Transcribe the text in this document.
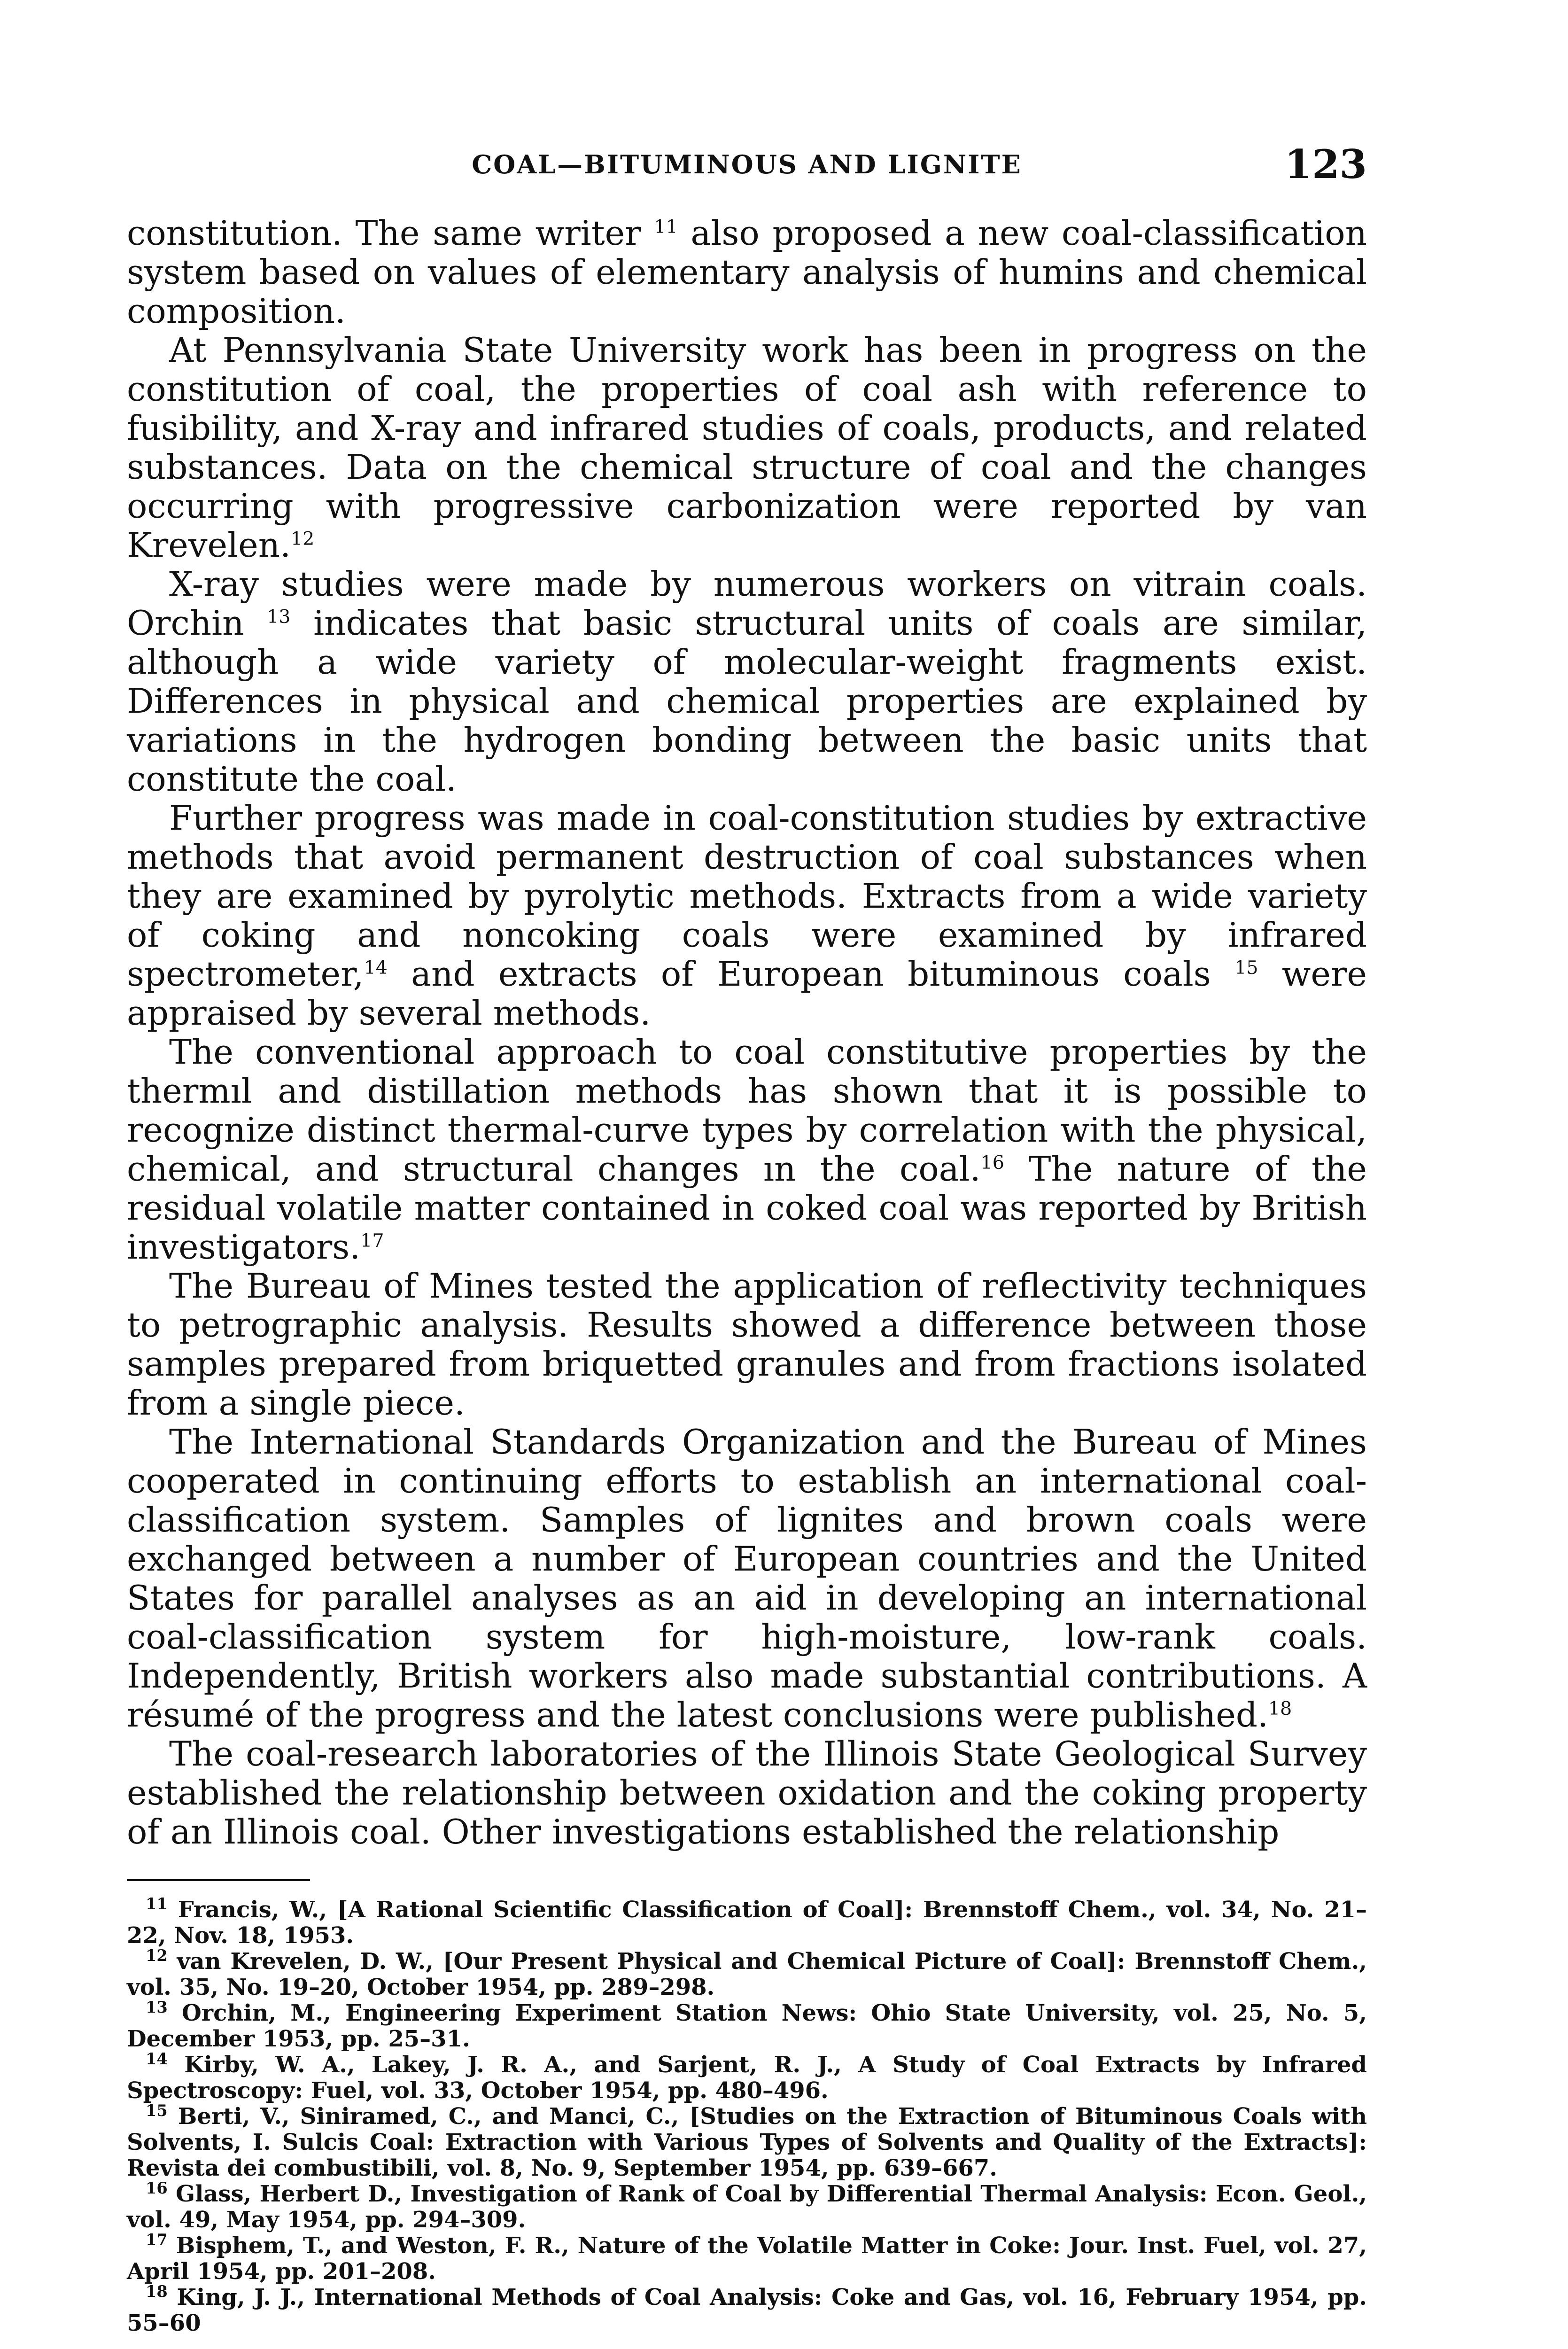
COAL—BITUMINOUS AND LIGNITE	123

constitution. The same writer $^{11}$ also proposed a new coal-classification system based on values of elementary analysis of humins and chemical composition.

At Pennsylvania State University work has been in progress on the constitution of coal, the properties of coal ash with reference to fusibility, and X-ray and infrared studies of coals, products, and related substances. Data on the chemical structure of coal and the changes occurring with progressive carbonization were reported by van Krevelen.$^{12}$

X-ray studies were made by numerous workers on vitrain coals. Orchin $^{13}$ indicates that basic structural units of coals are similar, although a wide variety of molecular-weight fragments exist. Differences in physical and chemical properties are explained by variations in the hydrogen bonding between the basic units that constitute the coal.

Further progress was made in coal-constitution studies by extractive methods that avoid permanent destruction of coal substances when they are examined by pyrolytic methods. Extracts from a wide variety of coking and noncoking coals were examined by infrared spectrometer,$^{14}$ and extracts of European bituminous coals $^{15}$ were appraised by several methods.

The conventional approach to coal constitutive properties by the thermıl and distillation methods has shown that it is possible to recognize distinct thermal-curve types by correlation with the physical, chemical, and structural changes ın the coal.$^{16}$ The nature of the residual volatile matter contained in coked coal was reported by British investigators.$^{17}$

The Bureau of Mines tested the application of reflectivity techniques to petrographic analysis. Results showed a difference between those samples prepared from briquetted granules and from fractions isolated from a single piece.

The International Standards Organization and the Bureau of Mines cooperated in continuing efforts to establish an international coal-classification system. Samples of lignites and brown coals were exchanged between a number of European countries and the United States for parallel analyses as an aid in developing an international coal-classification system for high-moisture, low-rank coals. Independently, British workers also made substantial contributions. A résumé of the progress and the latest conclusions were published.$^{18}$

The coal-research laboratories of the Illinois State Geological Survey established the relationship between oxidation and the coking property of an Illinois coal. Other investigations established the relationship

$^{11}$ Francis, W., [A Rational Scientific Classification of Coal]: Brennstoff Chem., vol. 34, No. 21–22, Nov. 18, 1953.

$^{12}$ van Krevelen, D. W., [Our Present Physical and Chemical Picture of Coal]: Brennstoff Chem., vol. 35, No. 19–20, October 1954, pp. 289–298.

$^{13}$ Orchin, M., Engineering Experiment Station News: Ohio State University, vol. 25, No. 5, December 1953, pp. 25–31.

$^{14}$ Kirby, W. A., Lakey, J. R. A., and Sarjent, R. J., A Study of Coal Extracts by Infrared Spectroscopy: Fuel, vol. 33, October 1954, pp. 480–496.

$^{15}$ Berti, V., Siniramed, C., and Manci, C., [Studies on the Extraction of Bituminous Coals with Solvents, I. Sulcis Coal: Extraction with Various Types of Solvents and Quality of the Extracts]: Revista dei combustibili, vol. 8, No. 9, September 1954, pp. 639–667.

$^{16}$ Glass, Herbert D., Investigation of Rank of Coal by Differential Thermal Analysis: Econ. Geol., vol. 49, May 1954, pp. 294–309.

$^{17}$ Bisphem, T., and Weston, F. R., Nature of the Volatile Matter in Coke: Jour. Inst. Fuel, vol. 27, April 1954, pp. 201–208.

$^{18}$ King, J. J., International Methods of Coal Analysis: Coke and Gas, vol. 16, February 1954, pp. 55–60
